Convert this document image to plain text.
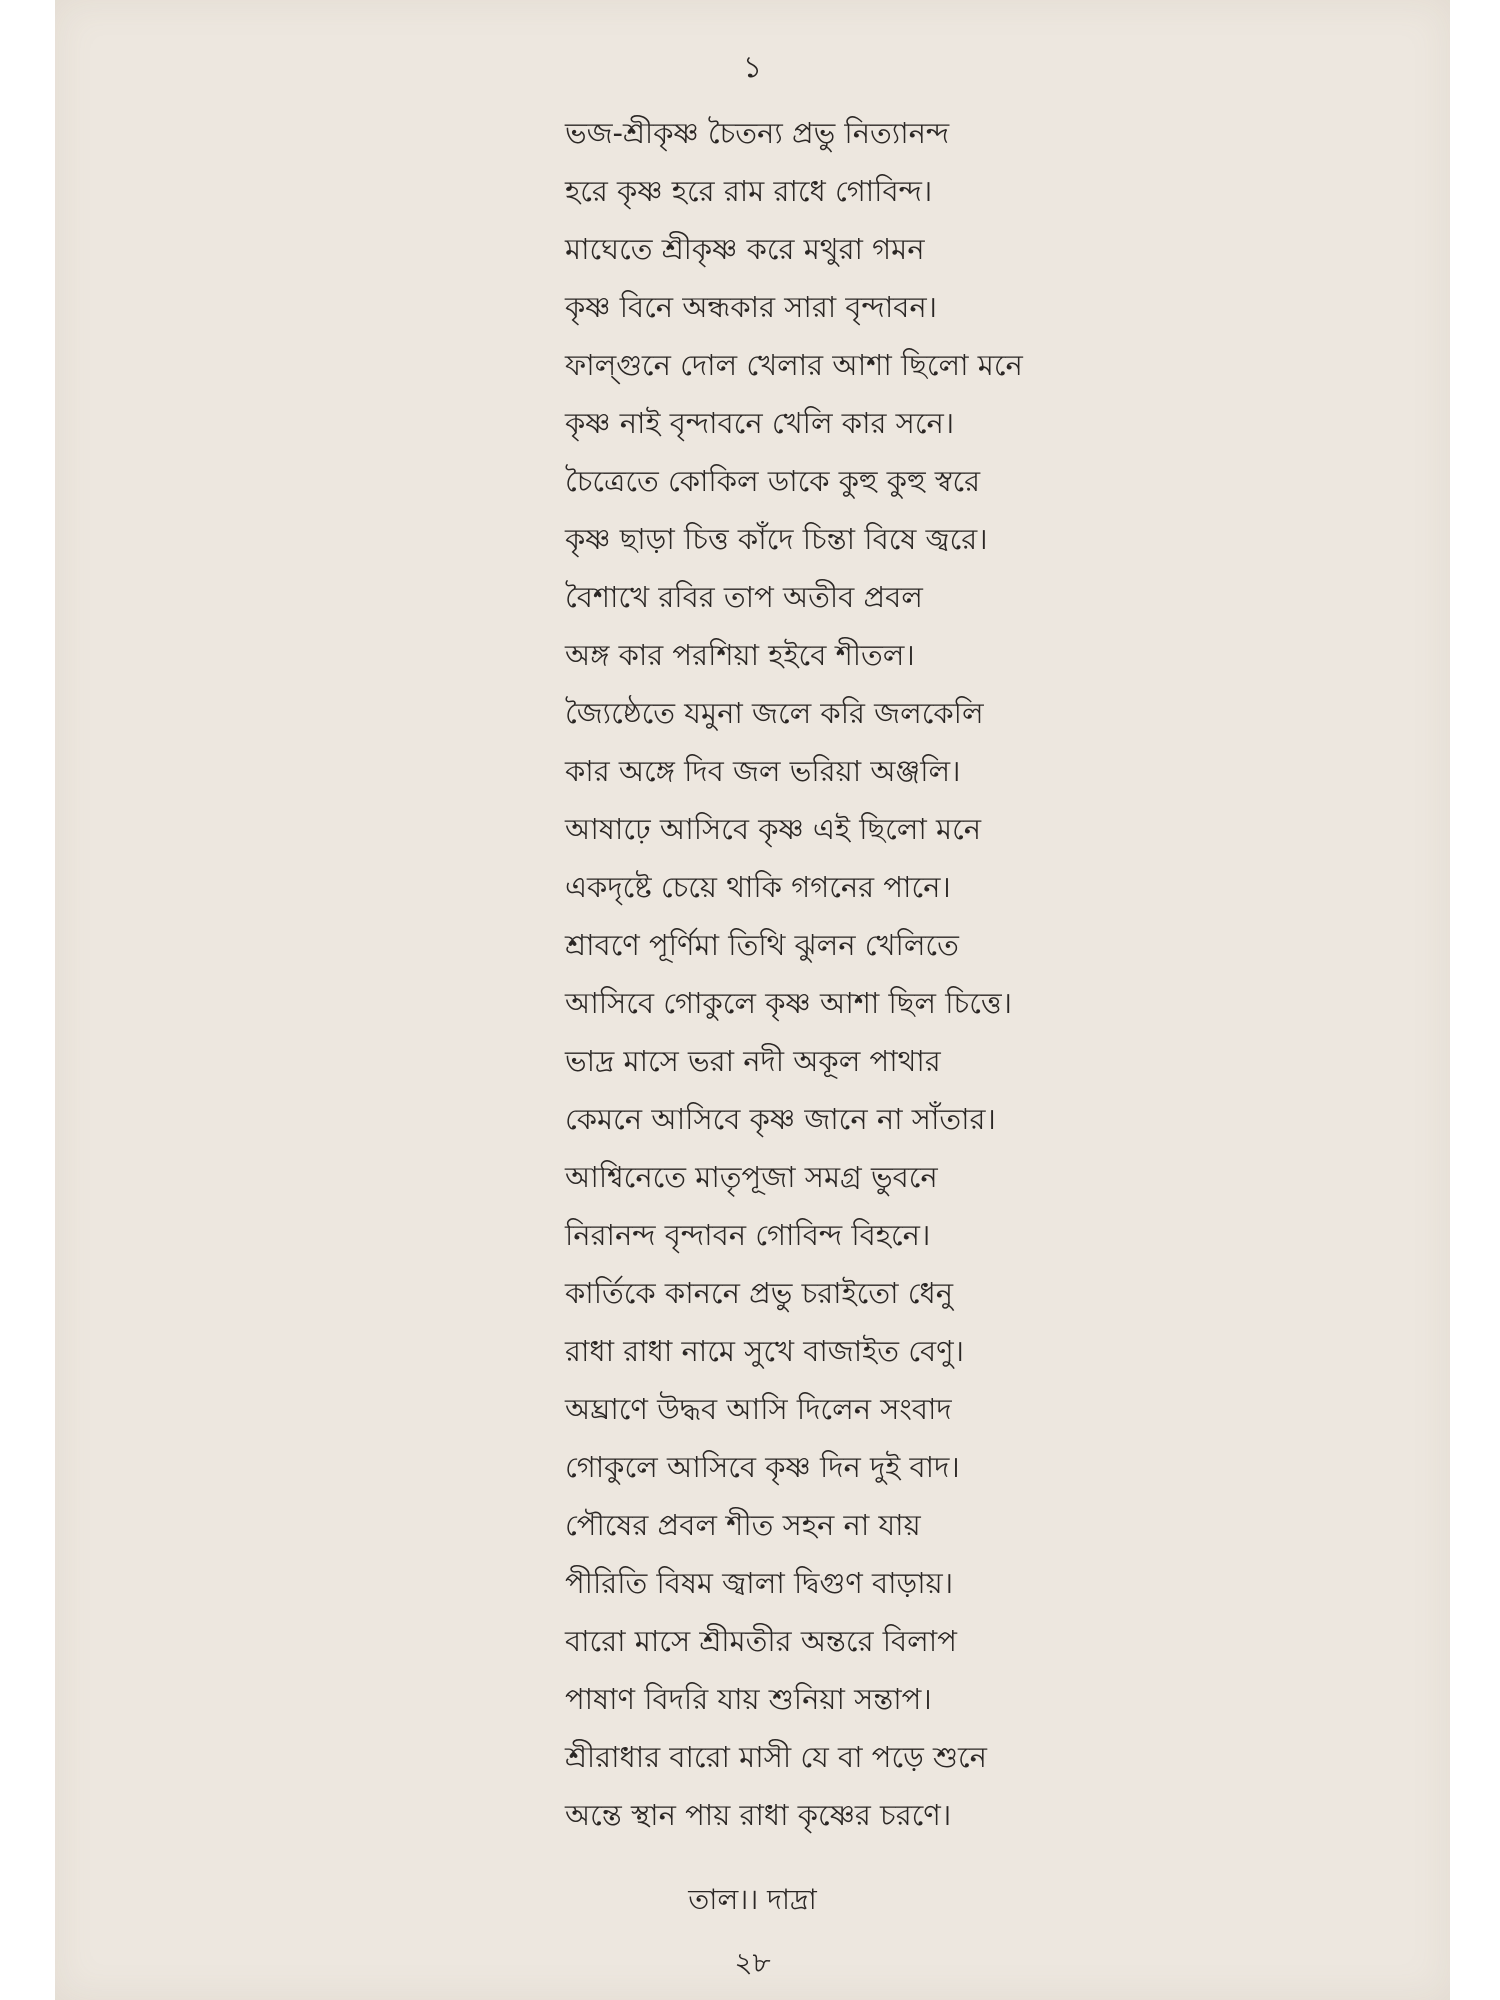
১
ভজ-শ্রীকৃষ্ণ চৈতন্য প্রভু নিত্যানন্দ
হরে কৃষ্ণ হরে রাম রাধে গোবিন্দ।
মাঘেতে শ্রীকৃষ্ণ করে মথুরা গমন
কৃষ্ণ বিনে অন্ধকার সারা বৃন্দাবন।
ফাল্গুনে দোল খেলার আশা ছিলো মনে
কৃষ্ণ নাই বৃন্দাবনে খেলি কার সনে।
চৈত্রেতে কোকিল ডাকে কুহু কুহু স্বরে
কৃষ্ণ ছাড়া চিত্ত কাঁদে চিন্তা বিষে জ্বরে।
বৈশাখে রবির তাপ অতীব প্রবল
অঙ্গ কার পরশিয়া হইবে শীতল।
জ্যৈষ্ঠেতে যমুনা জলে করি জলকেলি
কার অঙ্গে দিব জল ভরিয়া অঞ্জলি।
আষাঢ়ে আসিবে কৃষ্ণ এই ছিলো মনে
একদৃষ্টে চেয়ে থাকি গগনের পানে।
শ্রাবণে পূর্ণিমা তিথি ঝুলন খেলিতে
আসিবে গোকুলে কৃষ্ণ আশা ছিল চিত্তে।
ভাদ্র মাসে ভরা নদী অকূল পাথার
কেমনে আসিবে কৃষ্ণ জানে না সাঁতার।
আশ্বিনেতে মাতৃপূজা সমগ্র ভুবনে
নিরানন্দ বৃন্দাবন গোবিন্দ বিহনে।
কার্তিকে কাননে প্রভু চরাইতো ধেনু
রাধা রাধা নামে সুখে বাজাইত বেণু।
অঘ্রাণে উদ্ধব আসি দিলেন সংবাদ
গোকুলে আসিবে কৃষ্ণ দিন দুই বাদ।
পৌষের প্রবল শীত সহন না যায়
পীরিতি বিষম জ্বালা দ্বিগুণ বাড়ায়।
বারো মাসে শ্রীমতীর অন্তরে বিলাপ
পাষাণ বিদরি যায় শুনিয়া সন্তাপ।
শ্রীরাধার বারো মাসী যে বা পড়ে শুনে
অন্তে স্থান পায় রাধা কৃষ্ণের চরণে।
তাল।। দাদ্রা
২৮
